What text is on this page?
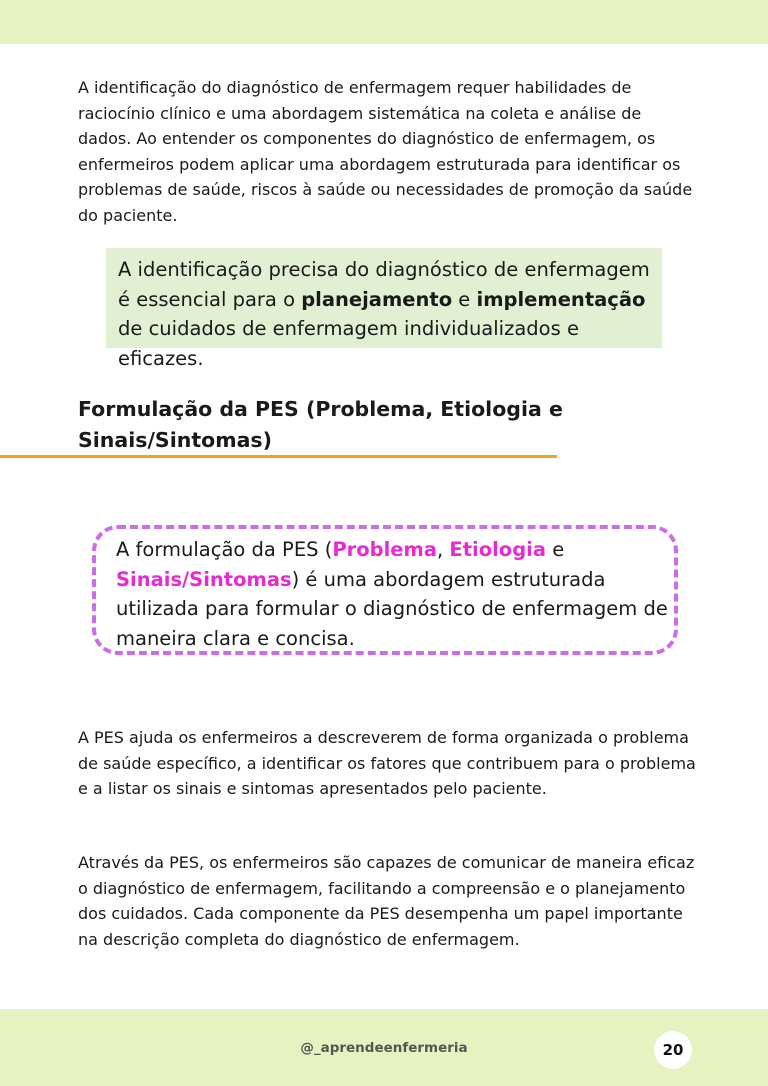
A identificação do diagnóstico de enfermagem requer habilidades de raciocínio clínico e uma abordagem sistemática na coleta e análise de dados. Ao entender os componentes do diagnóstico de enfermagem, os enfermeiros podem aplicar uma abordagem estruturada para identificar os problemas de saúde, riscos à saúde ou necessidades de promoção da saúde do paciente.

A identificação precisa do diagnóstico de enfermagem é essencial para o planejamento e implementação de cuidados de enfermagem individualizados e eficazes.
Formulação da PES (Problema, Etiologia e Sinais/Sintomas)

A formulação da PES (Problema, Etiologia e Sinais/Sintomas) é uma abordagem estruturada utilizada para formular o diagnóstico de enfermagem de maneira clara e concisa.

A PES ajuda os enfermeiros a descreverem de forma organizada o problema de saúde específico, a identificar os fatores que contribuem para o problema e a listar os sinais e sintomas apresentados pelo paciente.

Através da PES, os enfermeiros são capazes de comunicar de maneira eficaz o diagnóstico de enfermagem, facilitando a compreensão e o planejamento dos cuidados. Cada componente da PES desempenha um papel importante na descrição completa do diagnóstico de enfermagem.

@_aprendeenfermeria	20
